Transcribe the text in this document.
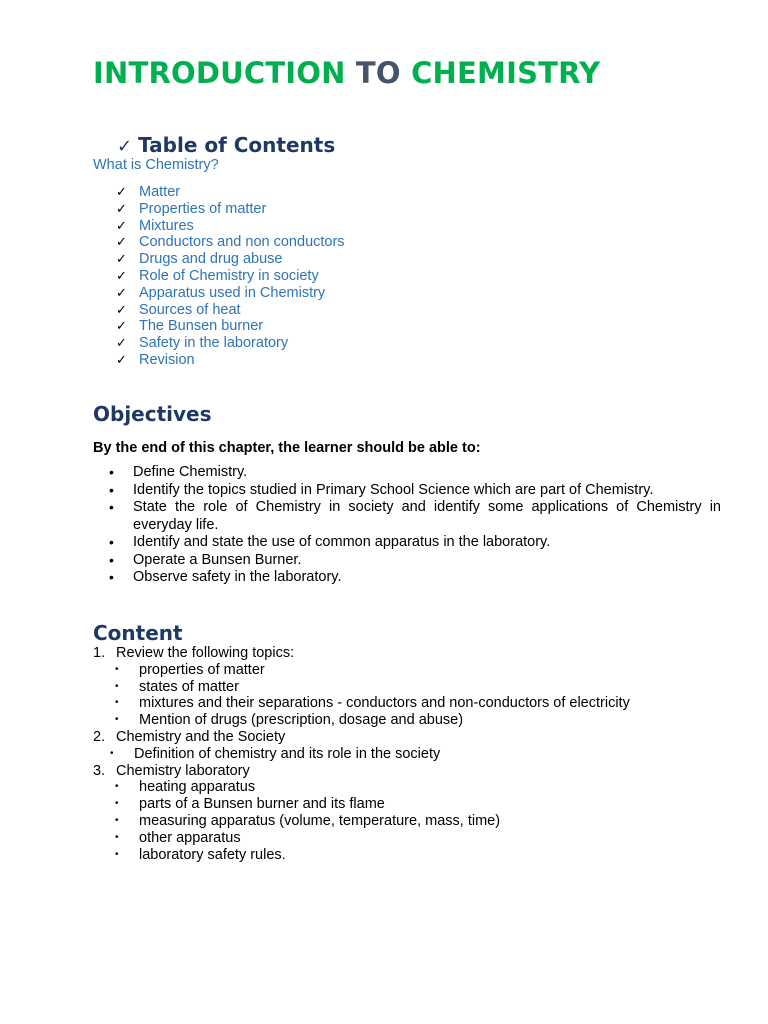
INTRODUCTION TO CHEMISTRY
✓ Table of Contents
What is Chemistry?
✓ Matter
✓ Properties of matter
✓ Mixtures
✓ Conductors and non conductors
✓ Drugs and drug abuse
✓ Role of Chemistry in society
✓ Apparatus used in Chemistry
✓ Sources of heat
✓ The Bunsen burner
✓ Safety in the laboratory
✓ Revision
Objectives
By the end of this chapter, the learner should be able to:
• Define Chemistry.
• Identify the topics studied in Primary School Science which are part of Chemistry.
• State the role of Chemistry in society and identify some applications of Chemistry in everyday life.
• Identify and state the use of common apparatus in the laboratory.
• Operate a Bunsen Burner.
• Observe safety in the laboratory.
Content
1. Review the following topics:
• properties of matter
• states of matter
• mixtures and their separations - conductors and non-conductors of electricity
• Mention of drugs (prescription, dosage and abuse)
2. Chemistry and the Society
• Definition of chemistry and its role in the society
3. Chemistry laboratory
• heating apparatus
• parts of a Bunsen burner and its flame
• measuring apparatus (volume, temperature, mass, time)
• other apparatus
• laboratory safety rules.
